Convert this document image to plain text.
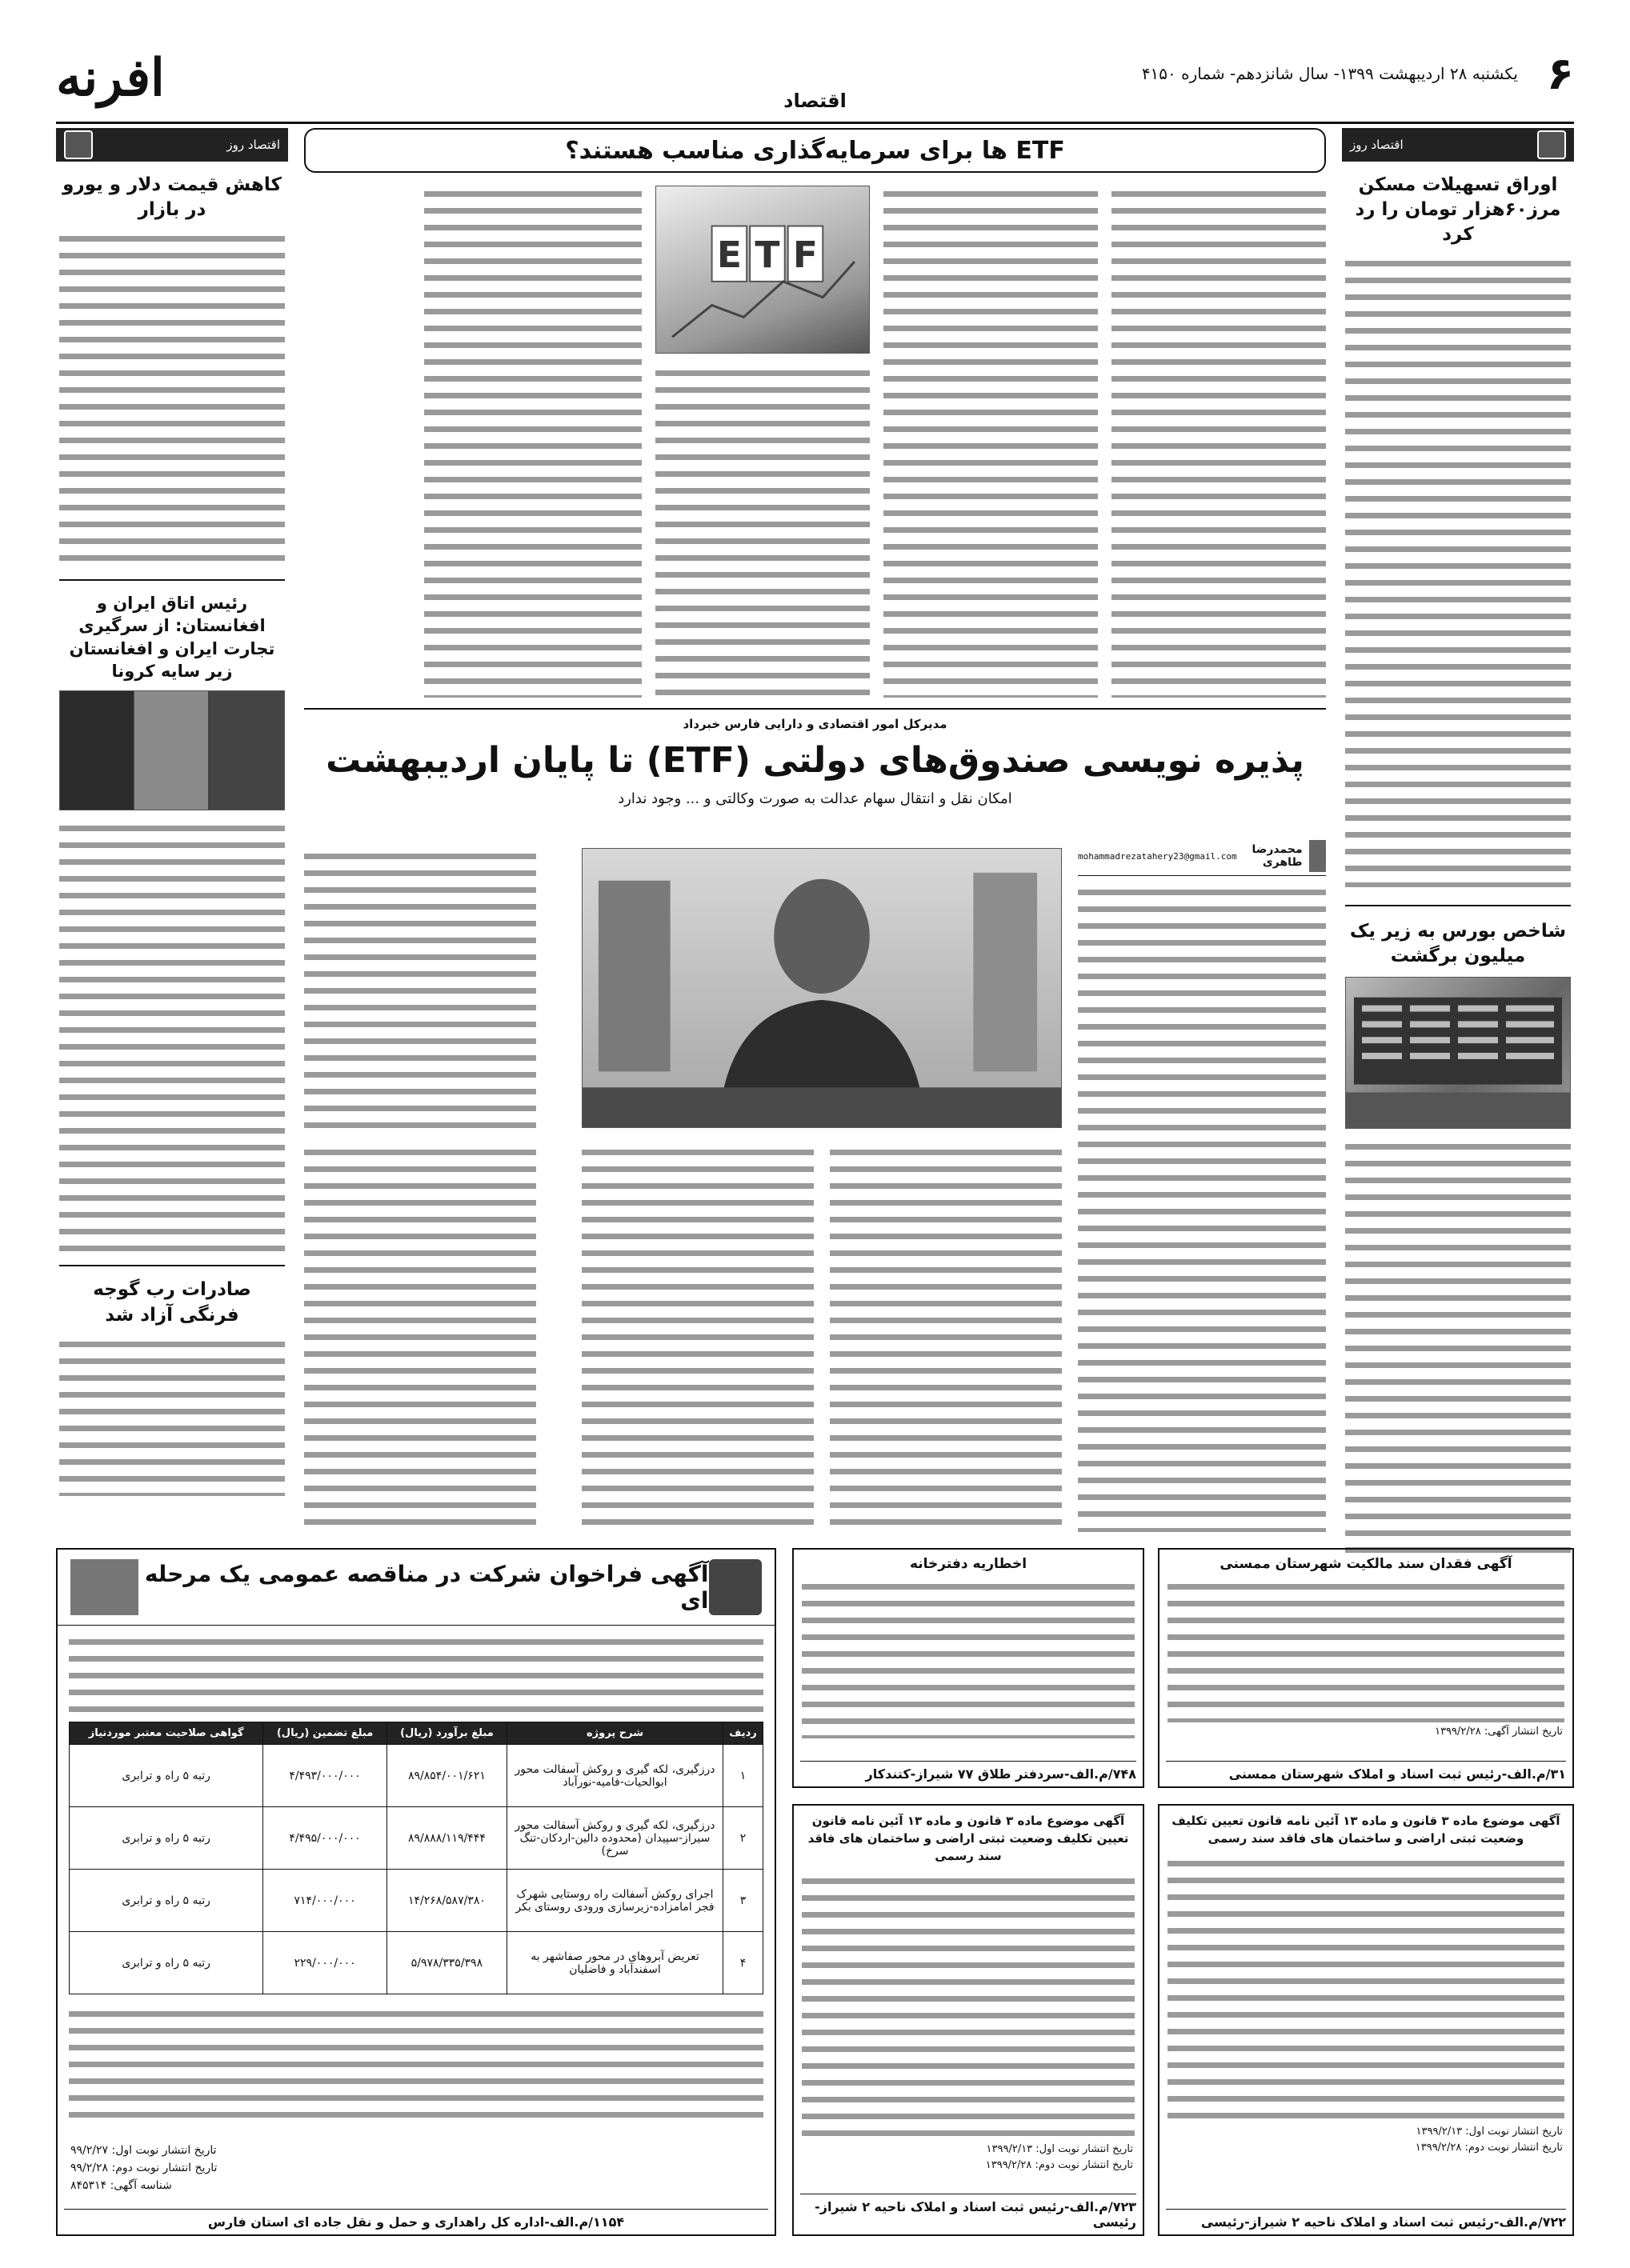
۶
یکشنبه ۲۸ اردیبهشت ۱۳۹۹- سال شانزدهم- شماره ۴۱۵۰
اقتصاد
افرنه
اقتصاد روز
اوراق تسهیلات مسکن مرز۶۰هزار تومان را رد کرد
شاخص بورس به زیر یک میلیون برگشت
اقتصاد روز
کاهش قیمت دلار و یورو در بازار
رئیس اتاق ایران و افغانستان: از سرگیری تجارت ایران و افغانستان زیر سایه کرونا
صادرات رب گوجه فرنگی آزاد شد
ETF ها برای سرمایه‌گذاری مناسب هستند؟
E T F
مدیرکل امور اقتصادی و دارایی فارس خبرداد
پذیره نویسی صندوق‌های دولتی (ETF) تا پایان اردیبهشت
امکان نقل و انتقال سهام عدالت به صورت وکالتی و ... وجود ندارد
محمدرضا طاهری
mohammadrezatahery23@gmail.com
آگهی فراخوان شرکت در مناقصه عمومی یک مرحله ای
ردیف	شرح پروژه	مبلغ برآورد (ریال)	مبلغ تضمین (ریال)	گواهی صلاحیت معتبر موردنیاز
۱	درزگیری، لکه گیری و روکش آسفالت محور ابوالحیات-فامیه-نورآباد	۸۹/۸۵۴/۰۰۱/۶۲۱	۴/۴۹۳/۰۰۰/۰۰۰	رتبه ۵ راه و ترابری
۲	درزگیری، لکه گیری و روکش آسفالت محور سیراز-سپیدان (محدوده دالین-اردکان-تنگ سرخ)	۸۹/۸۸۸/۱۱۹/۴۴۴	۴/۴۹۵/۰۰۰/۰۰۰	رتبه ۵ راه و ترابری
۳	اجرای روکش آسفالت راه روستایی شهرک فجر امامزاده-زیرسازی ورودی روستای بکر	۱۴/۲۶۸/۵۸۷/۳۸۰	۷۱۴/۰۰۰/۰۰۰	رتبه ۵ راه و ترابری
۴	تعریض آبروهای در محور صفاشهر به اسفندآباد و فاضلیان	۵/۹۷۸/۳۳۵/۳۹۸	۲۲۹/۰۰۰/۰۰۰	رتبه ۵ راه و ترابری
تاریخ انتشار نوبت اول: ۹۹/۲/۲۷
تاریخ انتشار نوبت دوم: ۹۹/۲/۲۸
شناسه آگهی: ۸۴۵۳۱۴
۱۱۵۴/م.الف-اداره کل راهداری و حمل و نقل جاده ای استان فارس
اخطاریه دفترخانه
۷۴۸/م.الف-سردفتر طلاق ۷۷ شیراز-کتندکار
آگهی فقدان سند مالکیت شهرستان ممسنی
تاریخ انتشار آگهی: ۱۳۹۹/۲/۲۸
۳۱/م.الف-رئیس ثبت اسناد و املاک شهرستان ممسنی
آگهی موضوع ماده ۳ قانون و ماده ۱۳ آئین نامه قانون تعیین تکلیف وضعیت ثبتی اراضی و ساختمان های فاقد سند رسمی
تاریخ انتشار نوبت اول: ۱۳۹۹/۲/۱۳
تاریخ انتشار نوبت دوم: ۱۳۹۹/۲/۲۸
۷۲۳/م.الف-رئیس ثبت اسناد و املاک ناحیه ۲ شیراز-رئیسی
آگهی موضوع ماده ۳ قانون و ماده ۱۳ آئین نامه قانون تعیین تکلیف وضعیت ثبتی اراضی و ساختمان های فاقد سند رسمی
تاریخ انتشار نوبت اول: ۱۳۹۹/۲/۱۳
تاریخ انتشار نوبت دوم: ۱۳۹۹/۲/۲۸
۷۲۲/م.الف-رئیس ثبت اسناد و املاک ناحیه ۲ شیراز-رئیسی
